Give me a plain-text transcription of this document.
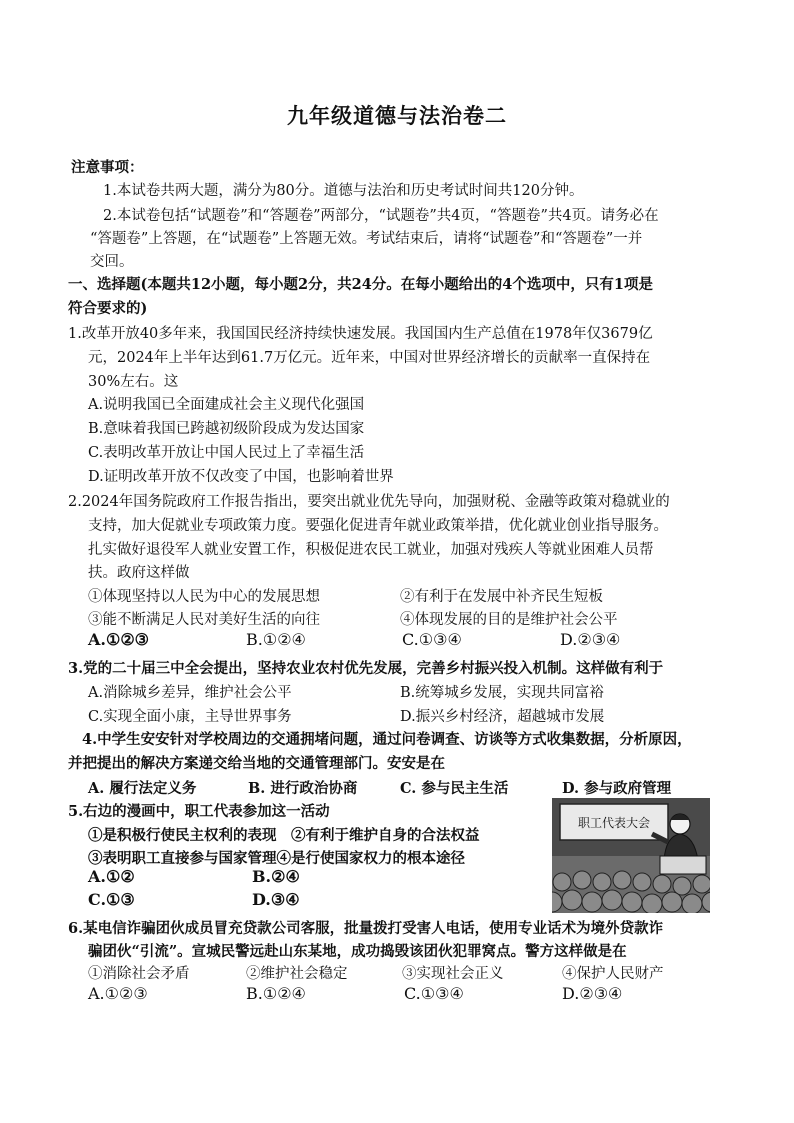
九年级道德与法治卷二
注意事项：
1.本试卷共两大题，满分为80分。道德与法治和历史考试时间共120分钟。
2.本试卷包括“试题卷”和“答题卷”两部分，“试题卷”共4页，“答题卷”共4页。请务必在
“答题卷”上答题，在“试题卷”上答题无效。考试结束后，请将“试题卷”和“答题卷”一并
交回。
一、选择题(本题共12小题，每小题2分，共24分。在每小题给出的4个选项中，只有1项是
符合要求的)
1.改革开放40多年来，我国国民经济持续快速发展。我国国内生产总值在1978年仅3679亿
元，2024年上半年达到61.7万亿元。近年来，中国对世界经济增长的贡献率一直保持在
30%左右。这
A.说明我国已全面建成社会主义现代化强国
B.意味着我国已跨越初级阶段成为发达国家
C.表明改革开放让中国人民过上了幸福生活
D.证明改革开放不仅改变了中国，也影响着世界
2.2024年国务院政府工作报告指出，要突出就业优先导向，加强财税、金融等政策对稳就业的
支持，加大促就业专项政策力度。要强化促进青年就业政策举措，优化就业创业指导服务。
扎实做好退役军人就业安置工作，积极促进农民工就业，加强对残疾人等就业困难人员帮
扶。政府这样做
①体现坚持以人民为中心的发展思想	②有利于在发展中补齐民生短板
③能不断满足人民对美好生活的向往	④体现发展的目的是维护社会公平
A.①②③	B.①②④	C.①③④	D.②③④
3.党的二十届三中全会提出，坚持农业农村优先发展，完善乡村振兴投入机制。这样做有利于
A.消除城乡差异，维护社会公平	B.统筹城乡发展，实现共同富裕
C.实现全面小康，主导世界事务	D.振兴乡村经济，超越城市发展
4.中学生安安针对学校周边的交通拥堵问题，通过问卷调查、访谈等方式收集数据，分析原因，
并把提出的解决方案递交给当地的交通管理部门。安安是在
A. 履行法定义务	B. 进行政治协商	C. 参与民主生活	D. 参与政府管理
5.右边的漫画中，职工代表参加这一活动
①是积极行使民主权利的表现　②有利于维护自身的合法权益
③表明职工直接参与国家管理④是行使国家权力的根本途径
A.①②	B.②④
C.①③	D.③④
职工代表大会
6.某电信诈骗团伙成员冒充贷款公司客服，批量拨打受害人电话，使用专业话术为境外贷款诈
骗团伙“引流”。宣城民警远赴山东某地，成功捣毁该团伙犯罪窝点。警方这样做是在
①消除社会矛盾	②维护社会稳定	③实现社会正义	④保护人民财产
A.①②③	B.①②④	C.①③④	D.②③④
